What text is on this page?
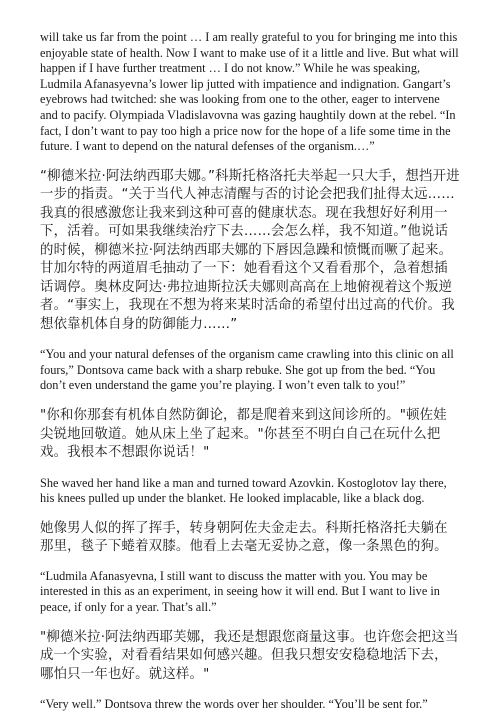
will take us far from the point … I am really grateful to you for bringing me into this enjoyable state of health. Now I want to make use of it a little and live. But what will happen if I have further treatment … I do not know.” While he was speaking, Ludmila Afanasyevna’s lower lip jutted with impatience and indignation. Gangart’s eyebrows had twitched: she was looking from one to the other, eager to intervene and to pacify. Olympiada Vladislavovna was gazing haughtily down at the rebel. “In fact, I don’t want to pay too high a price now for the hope of a life some time in the future. I want to depend on the natural defenses of the organism.…”

“柳德米拉·阿法纳西耶夫娜。”科斯托格洛托夫举起一只大手，想挡开进一步的指责。“关于当代人神志清醒与否的讨论会把我们扯得太远……我真的很感激您让我来到这种可喜的健康状态。现在我想好好利用一下，活着。可如果我继续治疗下去……会怎么样，我不知道。”他说话的时候，柳德米拉·阿法纳西耶夫娜的下唇因急躁和愤慨而噘了起来。甘加尔特的两道眉毛抽动了一下：她看看这个又看看那个，急着想插话调停。奥林皮阿达·弗拉迪斯拉沃夫娜则高高在上地俯视着这个叛逆者。“事实上，我现在不想为将来某时活命的希望付出过高的代价。我想依靠机体自身的防御能力……”

“You and your natural defenses of the organism came crawling into this clinic on all fours,” Dontsova came back with a sharp rebuke. She got up from the bed. “You don’t even understand the game you’re playing. I won’t even talk to you!”

"你和你那套有机体自然防御论，都是爬着来到这间诊所的。"顿佐娃尖锐地回敬道。她从床上坐了起来。"你甚至不明白自己在玩什么把戏。我根本不想跟你说话！"

She waved her hand like a man and turned toward Azovkin. Kostoglotov lay there, his knees pulled up under the blanket. He looked implacable, like a black dog.

她像男人似的挥了挥手，转身朝阿佐夫金走去。科斯托格洛托夫躺在那里，毯子下蜷着双膝。他看上去毫无妥协之意，像一条黑色的狗。

“Ludmila Afanasyevna, I still want to discuss the matter with you. You may be interested in this as an experiment, in seeing how it will end. But I want to live in peace, if only for a year. That’s all.”

"柳德米拉·阿法纳西耶芙娜，我还是想跟您商量这事。也许您会把这当成一个实验，对看看结果如何感兴趣。但我只想安安稳稳地活下去，哪怕只一年也好。就这样。"

“Very well.” Dontsova threw the words over her shoulder. “You’ll be sent for.”
